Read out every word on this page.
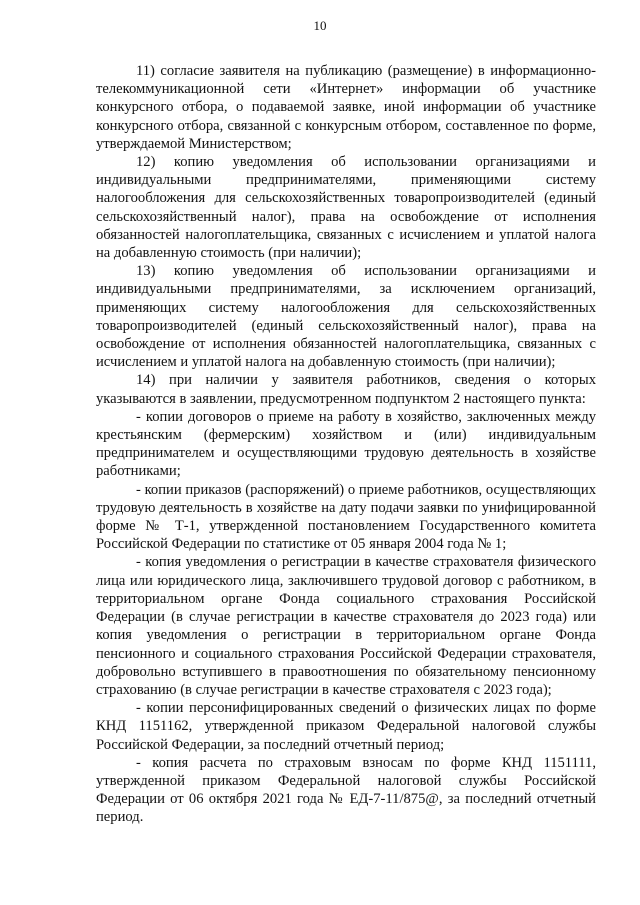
10

11) согласие заявителя на публикацию (размещение) в информационно-телекоммуникационной сети «Интернет» информации об участнике конкурсного отбора, о подаваемой заявке, иной информации об участнике конкурсного отбора, связанной с конкурсным отбором, составленное по форме, утверждаемой Министерством;

12) копию уведомления об использовании организациями и индивидуальными предпринимателями, применяющими систему налогообложения для сельскохозяйственных товаропроизводителей (единый сельскохозяйственный налог), права на освобождение от исполнения обязанностей налогоплательщика, связанных с исчислением и уплатой налога на добавленную стоимость (при наличии);

13) копию уведомления об использовании организациями и индивидуальными предпринимателями, за исключением организаций, применяющих систему налогообложения для сельскохозяйственных товаропроизводителей (единый сельскохозяйственный налог), права на освобождение от исполнения обязанностей налогоплательщика, связанных с исчислением и уплатой налога на добавленную стоимость (при наличии);

14) при наличии у заявителя работников, сведения о которых указываются в заявлении, предусмотренном подпунктом 2 настоящего пункта:

- копии договоров о приеме на работу в хозяйство, заключенных между крестьянским (фермерским) хозяйством и (или) индивидуальным предпринимателем и осуществляющими трудовую деятельность в хозяйстве работниками;

- копии приказов (распоряжений) о приеме работников, осуществляющих трудовую деятельность в хозяйстве на дату подачи заявки по унифицированной форме № Т-1, утвержденной постановлением Государственного комитета Российской Федерации по статистике от 05 января 2004 года № 1;

- копия уведомления о регистрации в качестве страхователя физического лица или юридического лица, заключившего трудовой договор с работником, в территориальном органе Фонда социального страхования Российской Федерации (в случае регистрации в качестве страхователя до 2023 года) или копия уведомления о регистрации в территориальном органе Фонда пенсионного и социального страхования Российской Федерации страхователя, добровольно вступившего в правоотношения по обязательному пенсионному страхованию (в случае регистрации в качестве страхователя с 2023 года);

- копии персонифицированных сведений о физических лицах по форме КНД 1151162, утвержденной приказом Федеральной налоговой службы Российской Федерации, за последний отчетный период;

- копия расчета по страховым взносам по форме КНД 1151111, утвержденной приказом Федеральной налоговой службы Российской Федерации от 06 октября 2021 года № ЕД-7-11/875@, за последний отчетный период.
